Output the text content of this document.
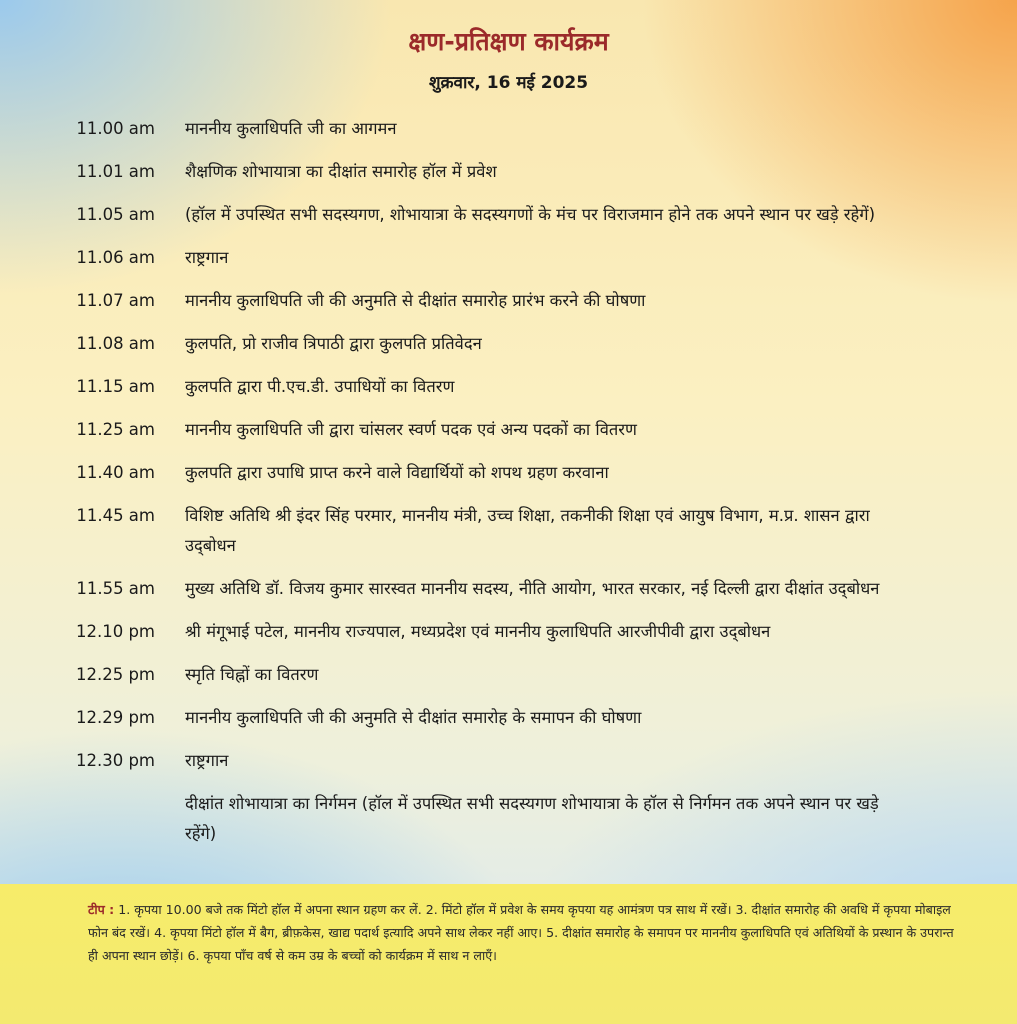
क्षण-प्रतिक्षण कार्यक्रम
शुक्रवार, 16 मई 2025
11.00 am	माननीय कुलाधिपति जी का आगमन
11.01 am	शैक्षणिक शोभायात्रा का दीक्षांत समारोह हॉल में प्रवेश
11.05 am	(हॉल में उपस्थित सभी सदस्यगण, शोभायात्रा के सदस्यगणों के मंच पर विराजमान होने तक अपने स्थान पर खड़े रहेगें)
11.06 am	राष्ट्रगान
11.07 am	माननीय कुलाधिपति जी की अनुमति से दीक्षांत समारोह प्रारंभ करने की घोषणा
11.08 am	कुलपति, प्रो राजीव त्रिपाठी द्वारा कुलपति प्रतिवेदन
11.15 am	कुलपति द्वारा पी.एच.डी. उपाधियों का वितरण
11.25 am	माननीय कुलाधिपति जी द्वारा चांसलर स्वर्ण पदक एवं अन्य पदकों का वितरण
11.40 am	कुलपति द्वारा उपाधि प्राप्त करने वाले विद्यार्थियों को शपथ ग्रहण करवाना
11.45 am	विशिष्ट अतिथि श्री इंदर सिंह परमार, माननीय मंत्री, उच्च शिक्षा, तकनीकी शिक्षा एवं आयुष विभाग, म.प्र. शासन द्वारा उद्‍बोधन
11.55 am	मुख्य अतिथि डॉ. विजय कुमार सारस्वत माननीय सदस्य, नीति आयोग, भारत सरकार, नई दिल्ली द्वारा दीक्षांत उद्‍बोधन
12.10 pm	श्री मंगूभाई पटेल, माननीय राज्यपाल, मध्यप्रदेश एवं माननीय कुलाधिपति आरजीपीवी द्वारा उद्‍बोधन
12.25 pm	स्मृति चिह्नों का वितरण
12.29 pm	माननीय कुलाधिपति जी की अनुमति से दीक्षांत समारोह के समापन की घोषणा
12.30 pm	राष्ट्रगान
दीक्षांत शोभायात्रा का निर्गमन (हॉल में उपस्थित सभी सदस्यगण शोभायात्रा के हॉल से निर्गमन तक अपने स्थान पर खड़े रहेंगे)

टीप : 1. कृपया 10.00 बजे तक मिंटो हॉल में अपना स्थान ग्रहण कर लें. 2. मिंटो हॉल में प्रवेश के समय कृपया यह आमंत्रण पत्र साथ में रखें। 3. दीक्षांत समारोह की अवधि में कृपया मोबाइल फोन बंद रखें। 4. कृपया मिंटो हॉल में बैग, ब्रीफ़केस, खाद्य पदार्थ इत्यादि अपने साथ लेकर नहीं आए। 5. दीक्षांत समारोह के समापन पर माननीय कुलाधिपति एवं अतिथियों के प्रस्थान के उपरान्त ही अपना स्थान छोड़ें। 6. कृपया पाँच वर्ष से कम उम्र के बच्चों को कार्यक्रम में साथ न लाएँ।
